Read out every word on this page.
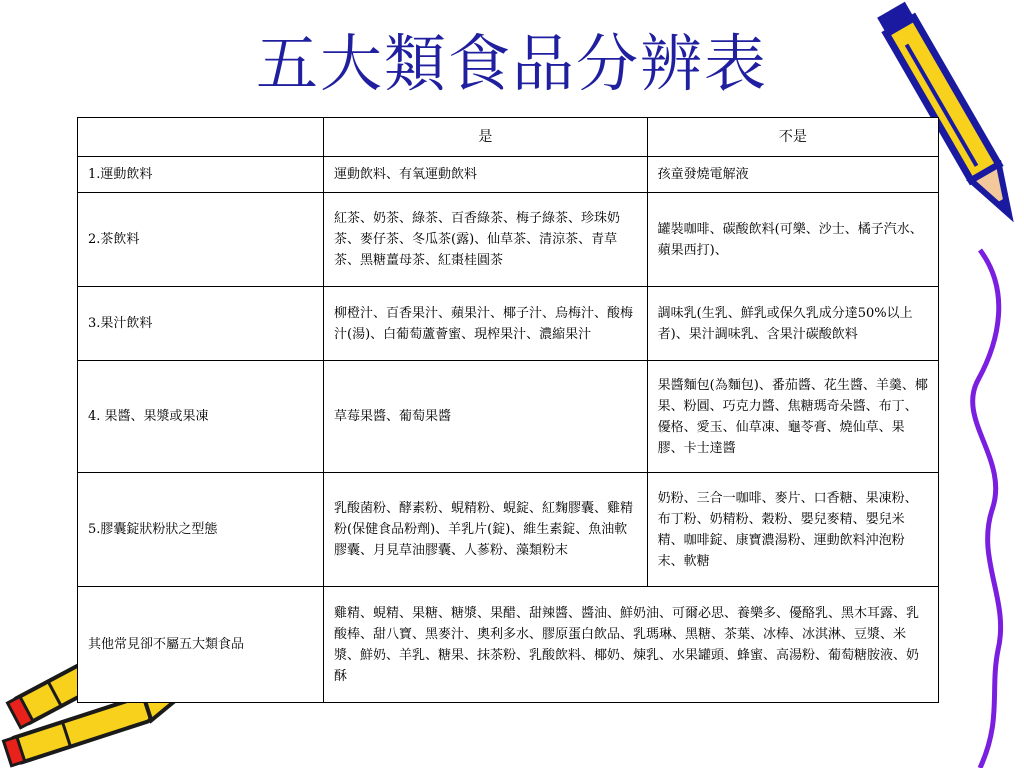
五大類食品分辨表
	是	不是
1.運動飲料	運動飲料、有氧運動飲料	孩童發燒電解液
2.茶飲料	紅茶、奶茶、綠茶、百香綠茶、梅子綠茶、珍珠奶茶、麥仔茶、冬瓜茶(露)、仙草茶、清涼茶、青草茶、黑糖薑母茶、紅棗桂圓茶	罐裝咖啡、碳酸飲料(可樂、沙士、橘子汽水、蘋果西打)、
3.果汁飲料	柳橙汁、百香果汁、蘋果汁、椰子汁、烏梅汁、酸梅汁(湯)、白葡萄蘆薈蜜、現榨果汁、濃縮果汁	調味乳(生乳、鮮乳或保久乳成分達50%以上者)、果汁調味乳、含果汁碳酸飲料
4. 果醬、果漿或果凍	草莓果醬、葡萄果醬	果醬麵包(為麵包)、番茄醬、花生醬、羊羹、椰果、粉圓、巧克力醬、焦糖瑪奇朵醬、布丁、優格、愛玉、仙草凍、龜苓膏、燒仙草、果膠、卡士達醬
5.膠囊錠狀粉狀之型態	乳酸菌粉、酵素粉、蜆精粉、蜆錠、紅麴膠囊、雞精粉(保健食品粉劑)、羊乳片(錠)、維生素錠、魚油軟膠囊、月見草油膠囊、人蔘粉、藻類粉末	奶粉、三合一咖啡、麥片、口香糖、果凍粉、布丁粉、奶精粉、穀粉、嬰兒麥精、嬰兒米精、咖啡錠、康寶濃湯粉、運動飲料沖泡粉末、軟糖
其他常見卻不屬五大類食品	雞精、蜆精、果糖、糖漿、果醋、甜辣醬、醬油、鮮奶油、可爾必思、養樂多、優酪乳、黑木耳露、乳酸棒、甜八寶、黑麥汁、奧利多水、膠原蛋白飲品、乳瑪琳、黑糖、茶葉、冰棒、冰淇淋、豆漿、米漿、鮮奶、羊乳、糖果、抹茶粉、乳酸飲料、椰奶、煉乳、水果罐頭、蜂蜜、高湯粉、葡萄糖胺液、奶酥	
